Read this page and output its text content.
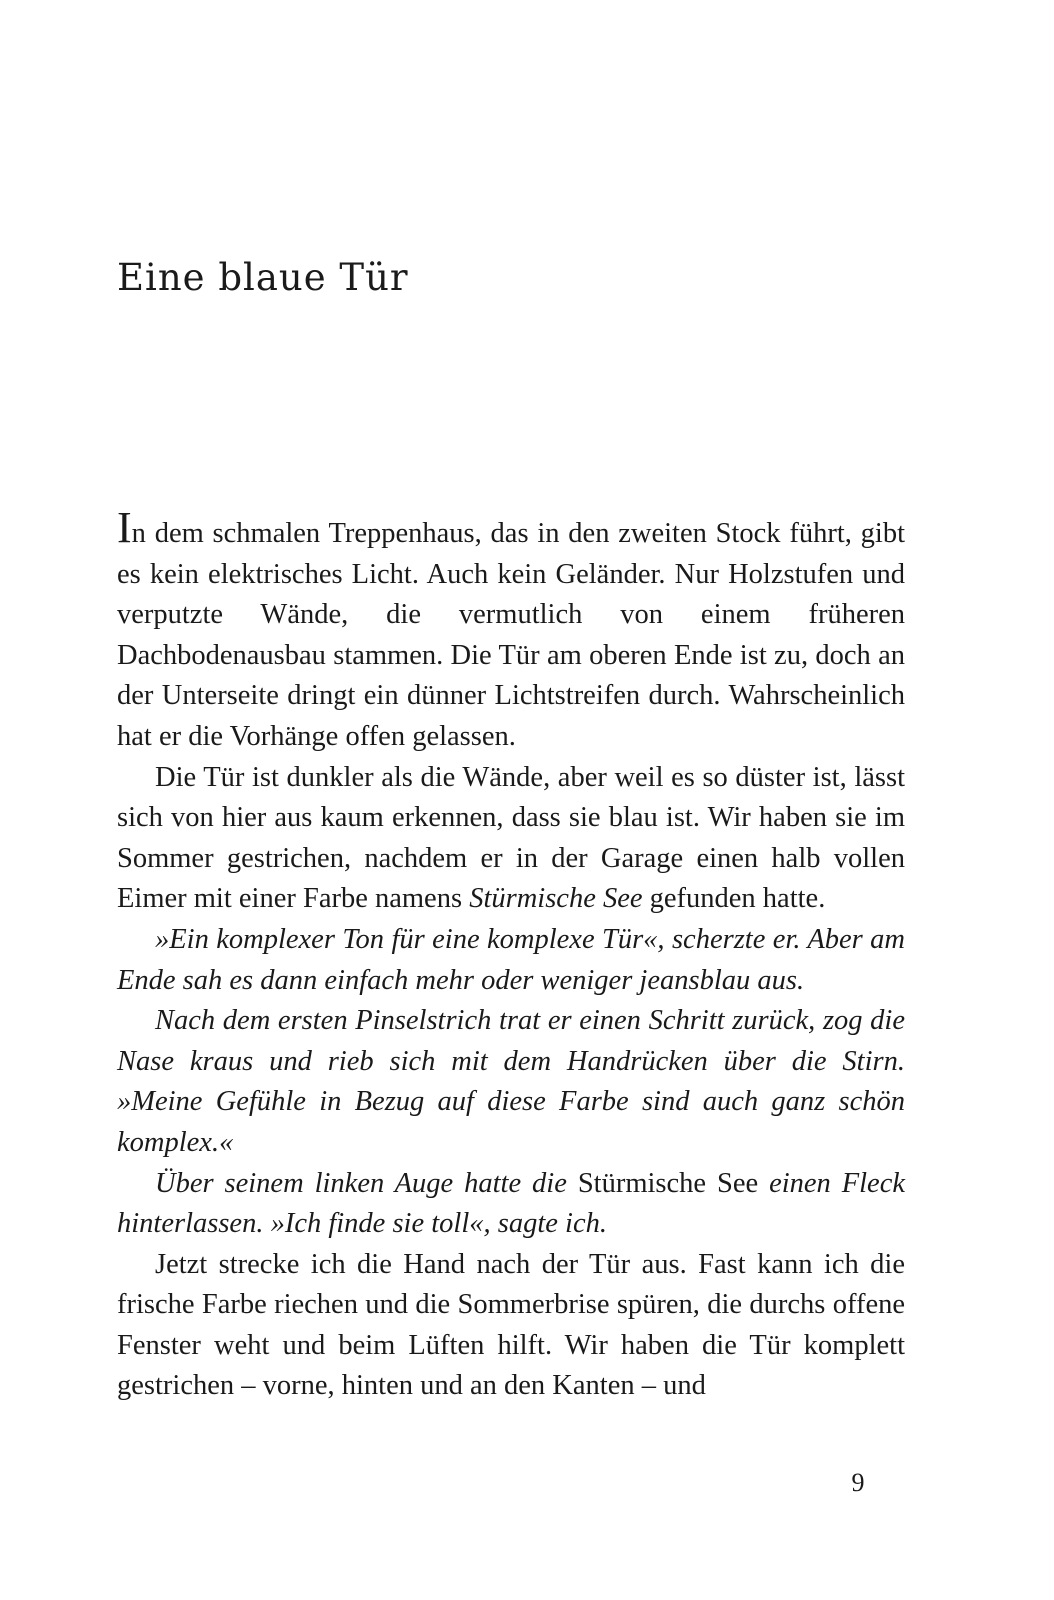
Eine blaue Tür

In dem schmalen Treppenhaus, das in den zweiten Stock führt, gibt es kein elektrisches Licht. Auch kein Geländer. Nur Holzstufen und verputzte Wände, die vermutlich von einem früheren Dachbodenausbau stammen. Die Tür am oberen Ende ist zu, doch an der Unterseite dringt ein dünner Lichtstreifen durch. Wahrscheinlich hat er die Vorhänge offen gelassen.

Die Tür ist dunkler als die Wände, aber weil es so düster ist, lässt sich von hier aus kaum erkennen, dass sie blau ist. Wir haben sie im Sommer gestrichen, nachdem er in der Garage einen halb vollen Eimer mit einer Farbe namens Stürmische See gefunden hatte.

»Ein komplexer Ton für eine komplexe Tür«, scherzte er. Aber am Ende sah es dann einfach mehr oder weniger jeansblau aus.

Nach dem ersten Pinselstrich trat er einen Schritt zurück, zog die Nase kraus und rieb sich mit dem Handrücken über die Stirn. »Meine Gefühle in Bezug auf diese Farbe sind auch ganz schön komplex.«

Über seinem linken Auge hatte die Stürmische See einen Fleck hinterlassen. »Ich finde sie toll«, sagte ich.

Jetzt strecke ich die Hand nach der Tür aus. Fast kann ich die frische Farbe riechen und die Sommerbrise spüren, die durchs offene Fenster weht und beim Lüften hilft. Wir haben die Tür komplett gestrichen – vorne, hinten und an den Kanten – und

9
